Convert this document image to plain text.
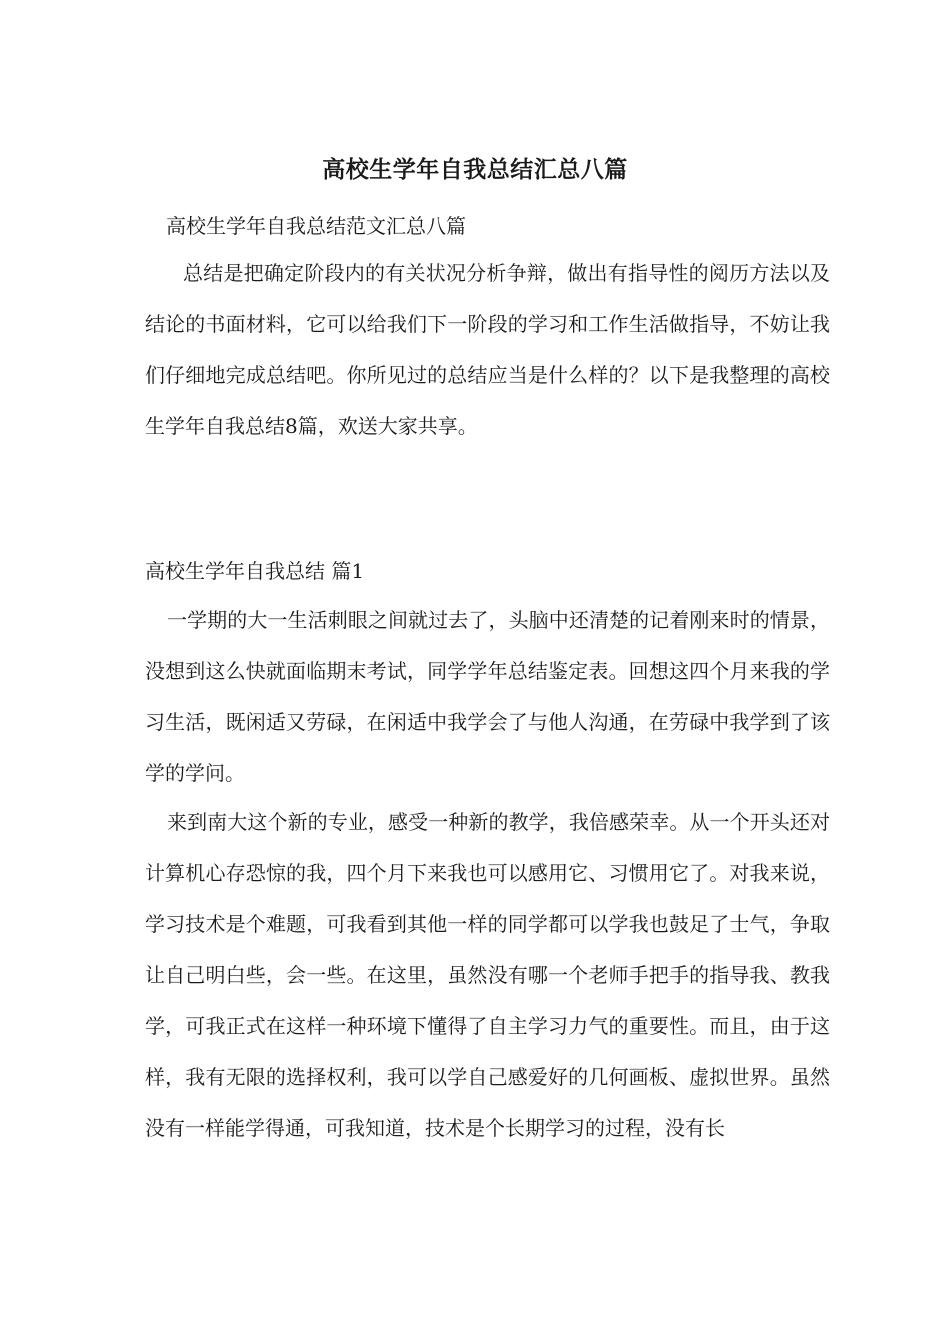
高校生学年自我总结汇总八篇
高校生学年自我总结范文汇总八篇

总结是把确定阶段内的有关状况分析争辩，做出有指导性的阅历方法以及结论的书面材料，它可以给我们下一阶段的学习和工作生活做指导，不妨让我们仔细地完成总结吧。你所见过的总结应当是什么样的？以下是我整理的高校生学年自我总结8篇，欢送大家共享。

高校生学年自我总结 篇1

一学期的大一生活刺眼之间就过去了，头脑中还清楚的记着刚来时的情景，没想到这么快就面临期末考试，同学学年总结鉴定表。回想这四个月来我的学习生活，既闲适又劳碌，在闲适中我学会了与他人沟通，在劳碌中我学到了该学的学问。

来到南大这个新的专业，感受一种新的教学，我倍感荣幸。从一个开头还对计算机心存恐惊的我，四个月下来我也可以感用它、习惯用它了。对我来说，学习技术是个难题，可我看到其他一样的同学都可以学我也鼓足了士气，争取让自己明白些，会一些。在这里，虽然没有哪一个老师手把手的指导我、教我学，可我正式在这样一种环境下懂得了自主学习力气的重要性。而且，由于这样，我有无限的选择权利，我可以学自己感爱好的几何画板、虚拟世界。虽然没有一样能学得通，可我知道，技术是个长期学习的过程，没有长
